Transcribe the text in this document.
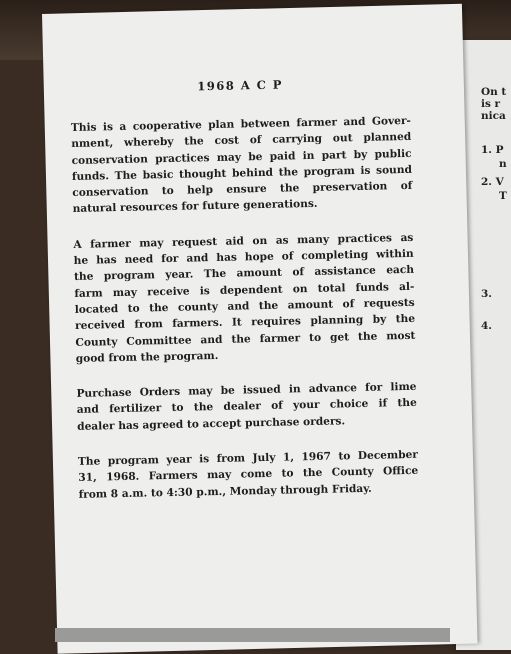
1968 A C P
This is a cooperative plan between farmer and Gover-
nment, whereby the cost of carrying out planned
conservation practices may be paid in part by public
funds. The basic thought behind the program is sound
conservation to help ensure the preservation of
natural resources for future generations.
A farmer may request aid on as many practices as
he has need for and has hope of completing within
the program year. The amount of assistance each
farm may receive is dependent on total funds al-
located to the county and the amount of requests
received from farmers. It requires planning by the
County Committee and the farmer to get the most
good from the program.
Purchase Orders may be issued in advance for lime
and fertilizer to the dealer of your choice if the
dealer has agreed to accept purchase orders.
The program year is from July 1, 1967 to December
31, 1968. Farmers may come to the County Office
from 8 a.m. to 4:30 p.m., Monday through Friday.
On t
is r
nica
1. P
n
2. V
T
3.
4.
